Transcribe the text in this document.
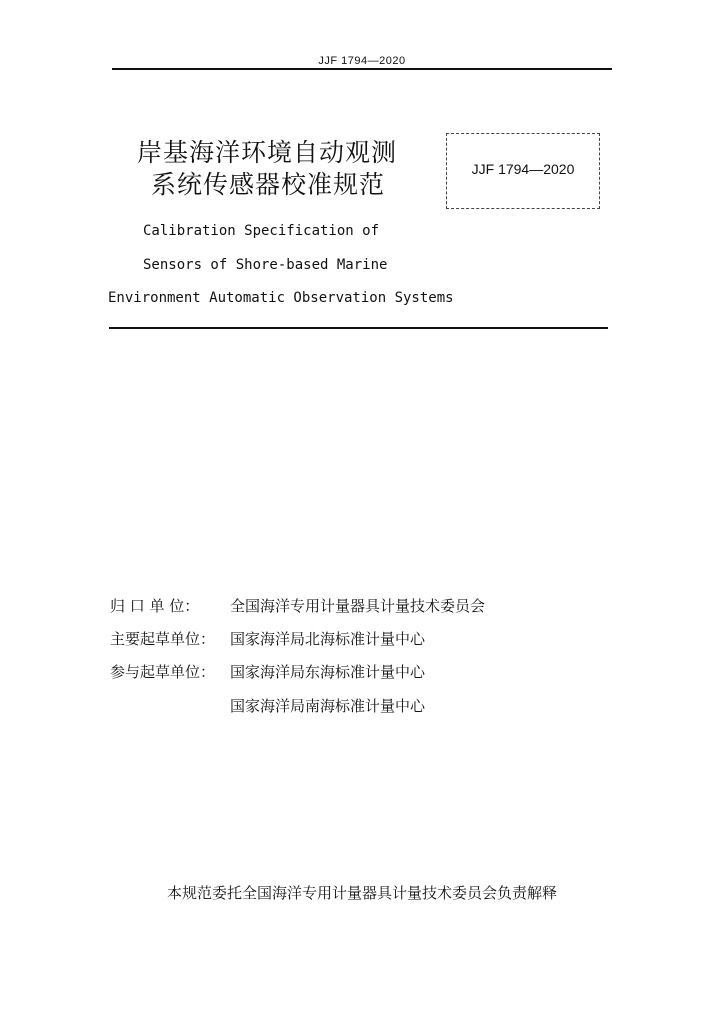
JJF 1794—2020
岸基海洋环境自动观测
系统传感器校准规范
JJF 1794—2020
Calibration Specification of
Sensors of Shore-based Marine
Environment Automatic Observation Systems
归 口 单 位： 全国海洋专用计量器具计量技术委员会
主要起草单位： 国家海洋局北海标准计量中心
参与起草单位： 国家海洋局东海标准计量中心
国家海洋局南海标准计量中心
本规范委托全国海洋专用计量器具计量技术委员会负责解释
